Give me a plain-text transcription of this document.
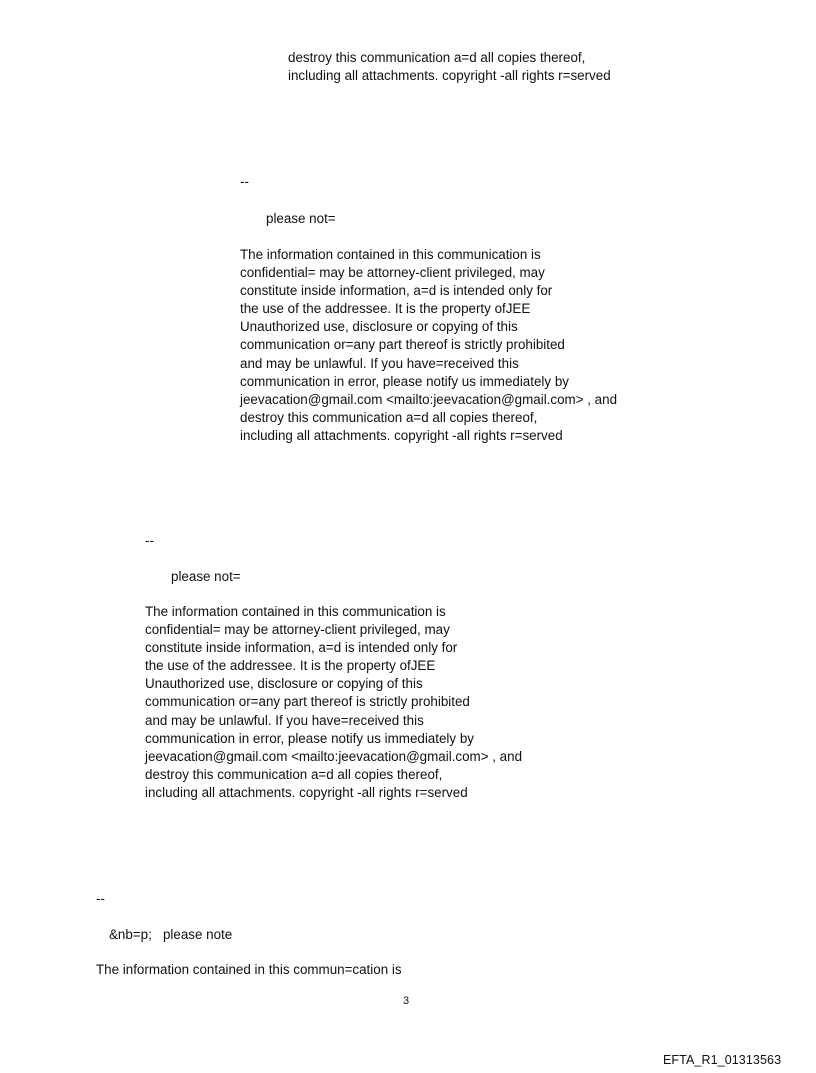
destroy this communication a=d all copies thereof,
including all attachments. copyright -all rights r=served
--
please not=
The information contained in this communication is
confidential= may be attorney-client privileged, may
constitute inside information, a=d is intended only for
the use of the addressee. It is the property ofJEE
Unauthorized use, disclosure or copying of this
communication or=any part thereof is strictly prohibited
and may be unlawful. If you have=received this
communication in error, please notify us immediately by
jeevacation@gmail.com <mailto:jeevacation@gmail.com> , and
destroy this communication a=d all copies thereof,
including all attachments. copyright -all rights r=served
--
please not=
The information contained in this communication is
confidential= may be attorney-client privileged, may
constitute inside information, a=d is intended only for
the use of the addressee. It is the property ofJEE
Unauthorized use, disclosure or copying of this
communication or=any part thereof is strictly prohibited
and may be unlawful. If you have=received this
communication in error, please notify us immediately by
jeevacation@gmail.com <mailto:jeevacation@gmail.com> , and
destroy this communication a=d all copies thereof,
including all attachments. copyright -all rights r=served
--
&nb=p;   please note
The information contained in this commun=cation is
3
EFTA_R1_01313563
